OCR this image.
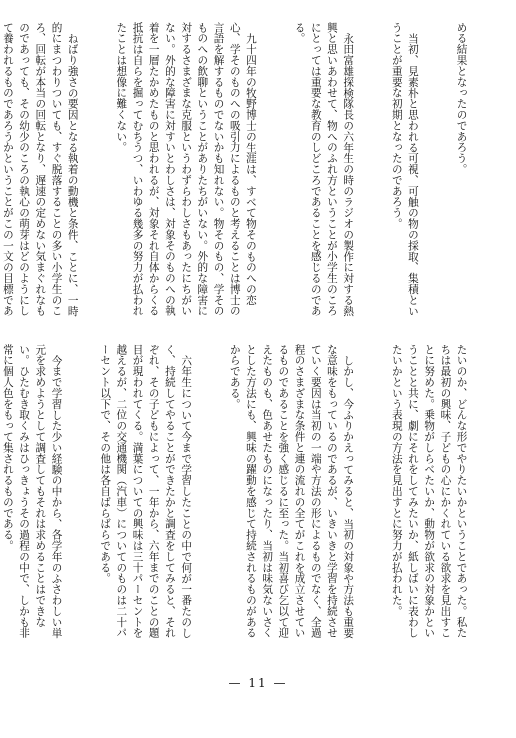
める結果となったのであろう。

当初、見素朴と思われる可視、可触の物の採取、集積ということが重要な初期となったのであろう。

永田富雄探検隊長の六年生の時のラジオの製作に対する熱興と思いあわせて、物へのふれ方ということが小学生のころにとっては重要な教育のしどころであることを感じるのである。

九十四年の牧野博士の生涯は、すべて物そのものへの恋心、学そのものへの吸引力によるものと考えることは博士の言語を解するものでないかも知れない。物そのもの、学そのものへの飲聊ということがありたちがいない。外的な障害に対するさまざまな克服というわずらわしさもあったにちがいない。外的な障害に対すいとわしさは、対象そのものへの執着を一層たかめたものと思われるが、対象それ自体からくる抵抗は自らを掘ってむちうつ、いわゆる幾多の努力が払われたことは想像に難くない。

ねばり強さの要因となる執着の動機と条件、ことに、一時的にまつわりついても、すぐ脱落することの多い小学生のころ、回転が本当の回転となり、遅速の定めない気まぐれなものであっても、その幼少のころの執心の萌芽はどのようにして養われるものであろうかということがこの一文の目標であ

たいのか、どんな形でやりたいかということであった。私たちは最初の興味、子どもの心にかくれている欲求を見出すことに努めた。乗物がしらべたいか、動物が欲求の対象かということと共に、劇にそれをしてみたいか、紙しばいに表わしたいかという表現の方法を見出すとに努力が払われた。

しかし、今ふりかえってみると、当初の対象や方法も重要な意味をもっているのであるが、いきいきと学習を持続させていく要因は当初の一端や方法の形によるものでなく、全過程のさまざまな条件と連の流れの全てがこれを成立させているものであることを強く感じるに至った。当初喜び乞以て迎えたものも、色あせたものになったり、当初は味気ないさくとした方法にも、興味の躍動を感じて持続されるものがあるからである。

六年生について今まで学習したことの中で何が一番たのしく、持続してやることができたかと調査をしてみると、それぞれ、その子どもによって、一年から、六年までのことの題目が現われてくる。満葉についての興味は三十パーセントを越えるが、二位の交通機関（汽車）についてのものは二十パーセント以下で、その他は各自ばらばらである。

今まで学習した少い経験の中から、各学年のふさわしい単元を求めようとして調査してもそれは求めることはできない。ひたむき取くみはひっきょうその過程の中で、しかも非常に個人色をもって集されるものである。

— 11 —
